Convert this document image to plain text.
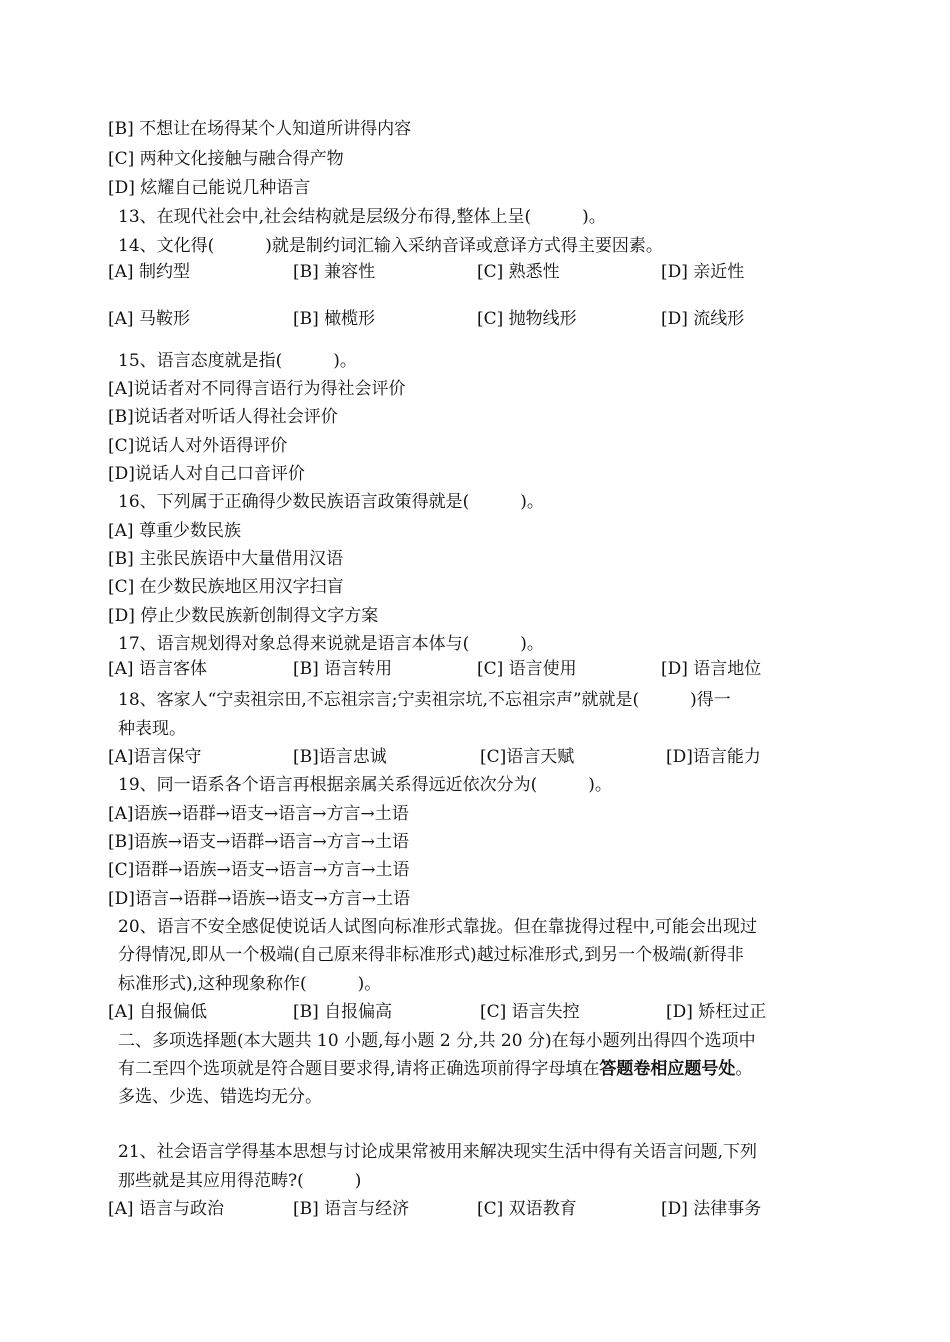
[B] 不想让在场得某个人知道所讲得内容
[C] 两种文化接触与融合得产物
[D] 炫耀自己能说几种语言
13、在现代社会中,社会结构就是层级分布得,整体上呈(　　　)。
14、文化得(　　　)就是制约词汇输入采纳音译或意译方式得主要因素。
[A] 制约型	[B] 兼容性	[C] 熟悉性	[D] 亲近性
[A] 马鞍形	[B] 橄榄形	[C] 抛物线形	[D] 流线形
15、语言态度就是指(　　　)。
[A]说话者对不同得言语行为得社会评价
[B]说话者对听话人得社会评价
[C]说话人对外语得评价
[D]说话人对自己口音评价
16、下列属于正确得少数民族语言政策得就是(　　　)。
[A] 尊重少数民族
[B] 主张民族语中大量借用汉语
[C] 在少数民族地区用汉字扫盲
[D] 停止少数民族新创制得文字方案
17、语言规划得对象总得来说就是语言本体与(　　　)。
[A] 语言客体	[B] 语言转用	[C] 语言使用	[D] 语言地位
18、客家人“宁卖祖宗田,不忘祖宗言;宁卖祖宗坑,不忘祖宗声”就就是(　　　)得一
种表现。
[A]语言保守	[B]语言忠诚	[C]语言天赋	[D]语言能力
19、同一语系各个语言再根据亲属关系得远近依次分为(　　　)。
[A]语族→语群→语支→语言→方言→土语
[B]语族→语支→语群→语言→方言→土语
[C]语群→语族→语支→语言→方言→土语
[D]语言→语群→语族→语支→方言→土语
20、语言不安全感促使说话人试图向标准形式靠拢。但在靠拢得过程中,可能会出现过
分得情况,即从一个极端(自己原来得非标准形式)越过标准形式,到另一个极端(新得非
标准形式),这种现象称作(　　　)。
[A] 自报偏低	[B] 自报偏高	[C] 语言失控	[D] 矫枉过正
二、多项选择题(本大题共 10 小题,每小题 2 分,共 20 分)在每小题列出得四个选项中
有二至四个选项就是符合题目要求得,请将正确选项前得字母填在答题卷相应题号处。
多选、少选、错选均无分。
21、社会语言学得基本思想与讨论成果常被用来解决现实生活中得有关语言问题,下列
那些就是其应用得范畴?(　　　)
[A] 语言与政治	[B] 语言与经济	[C] 双语教育	[D] 法律事务
